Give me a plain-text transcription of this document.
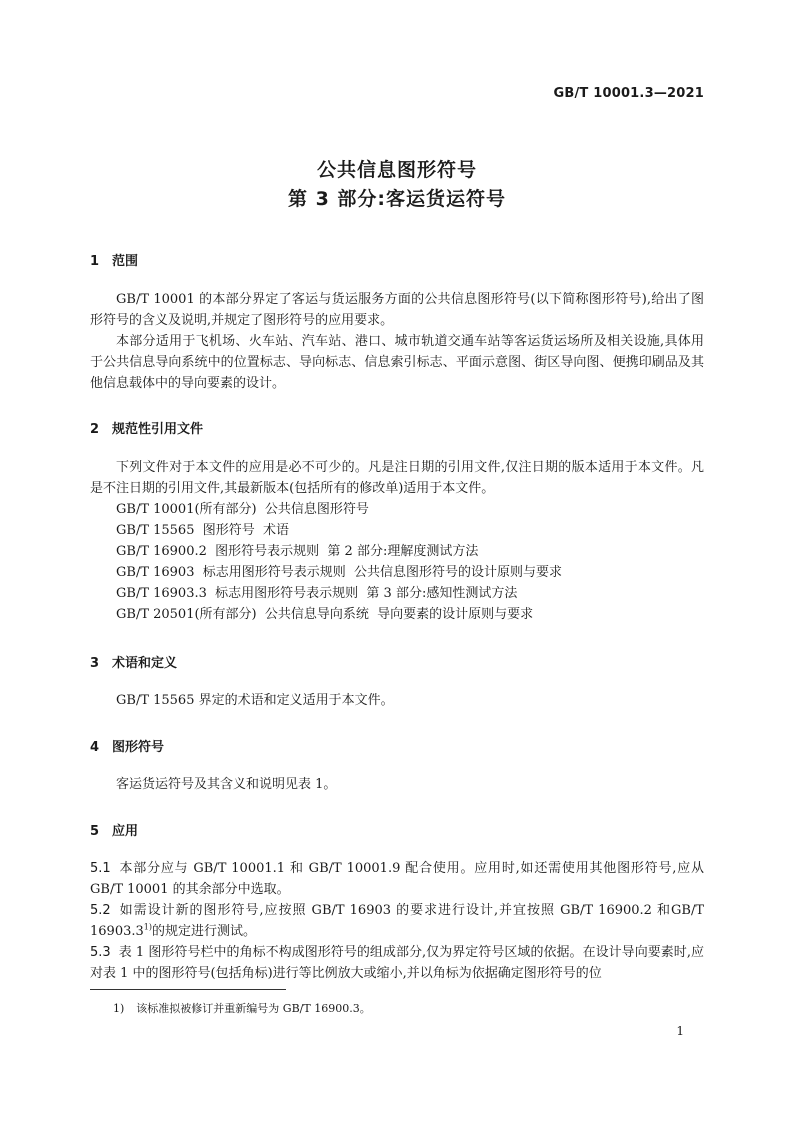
GB/T 10001.3—2021
公共信息图形符号
第 3 部分:客运货运符号
1 范围
GB/T 10001 的本部分界定了客运与货运服务方面的公共信息图形符号(以下简称图形符号),给出了图形符号的含义及说明,并规定了图形符号的应用要求。
本部分适用于飞机场、火车站、汽车站、港口、城市轨道交通车站等客运货运场所及相关设施,具体用于公共信息导向系统中的位置标志、导向标志、信息索引标志、平面示意图、街区导向图、便携印刷品及其他信息载体中的导向要素的设计。
2 规范性引用文件
下列文件对于本文件的应用是必不可少的。凡是注日期的引用文件,仅注日期的版本适用于本文件。凡是不注日期的引用文件,其最新版本(包括所有的修改单)适用于本文件。
GB/T 10001(所有部分)  公共信息图形符号
GB/T 15565  图形符号  术语
GB/T 16900.2  图形符号表示规则  第 2 部分:理解度测试方法
GB/T 16903  标志用图形符号表示规则  公共信息图形符号的设计原则与要求
GB/T 16903.3  标志用图形符号表示规则  第 3 部分:感知性测试方法
GB/T 20501(所有部分)  公共信息导向系统  导向要素的设计原则与要求
3 术语和定义
GB/T 15565 界定的术语和定义适用于本文件。
4 图形符号
客运货运符号及其含义和说明见表 1。
5 应用
5.1 本部分应与 GB/T 10001.1 和 GB/T 10001.9 配合使用。应用时,如还需使用其他图形符号,应从GB/T 10001 的其余部分中选取。
5.2 如需设计新的图形符号,应按照 GB/T 16903 的要求进行设计,并宜按照 GB/T 16900.2 和GB/T 16903.3$^{1)}$的规定进行测试。
5.3 表 1 图形符号栏中的角标不构成图形符号的组成部分,仅为界定符号区域的依据。在设计导向要素时,应对表 1 中的图形符号(包括角标)进行等比例放大或缩小,并以角标为依据确定图形符号的位
1) 该标准拟被修订并重新编号为 GB/T 16900.3。
1
